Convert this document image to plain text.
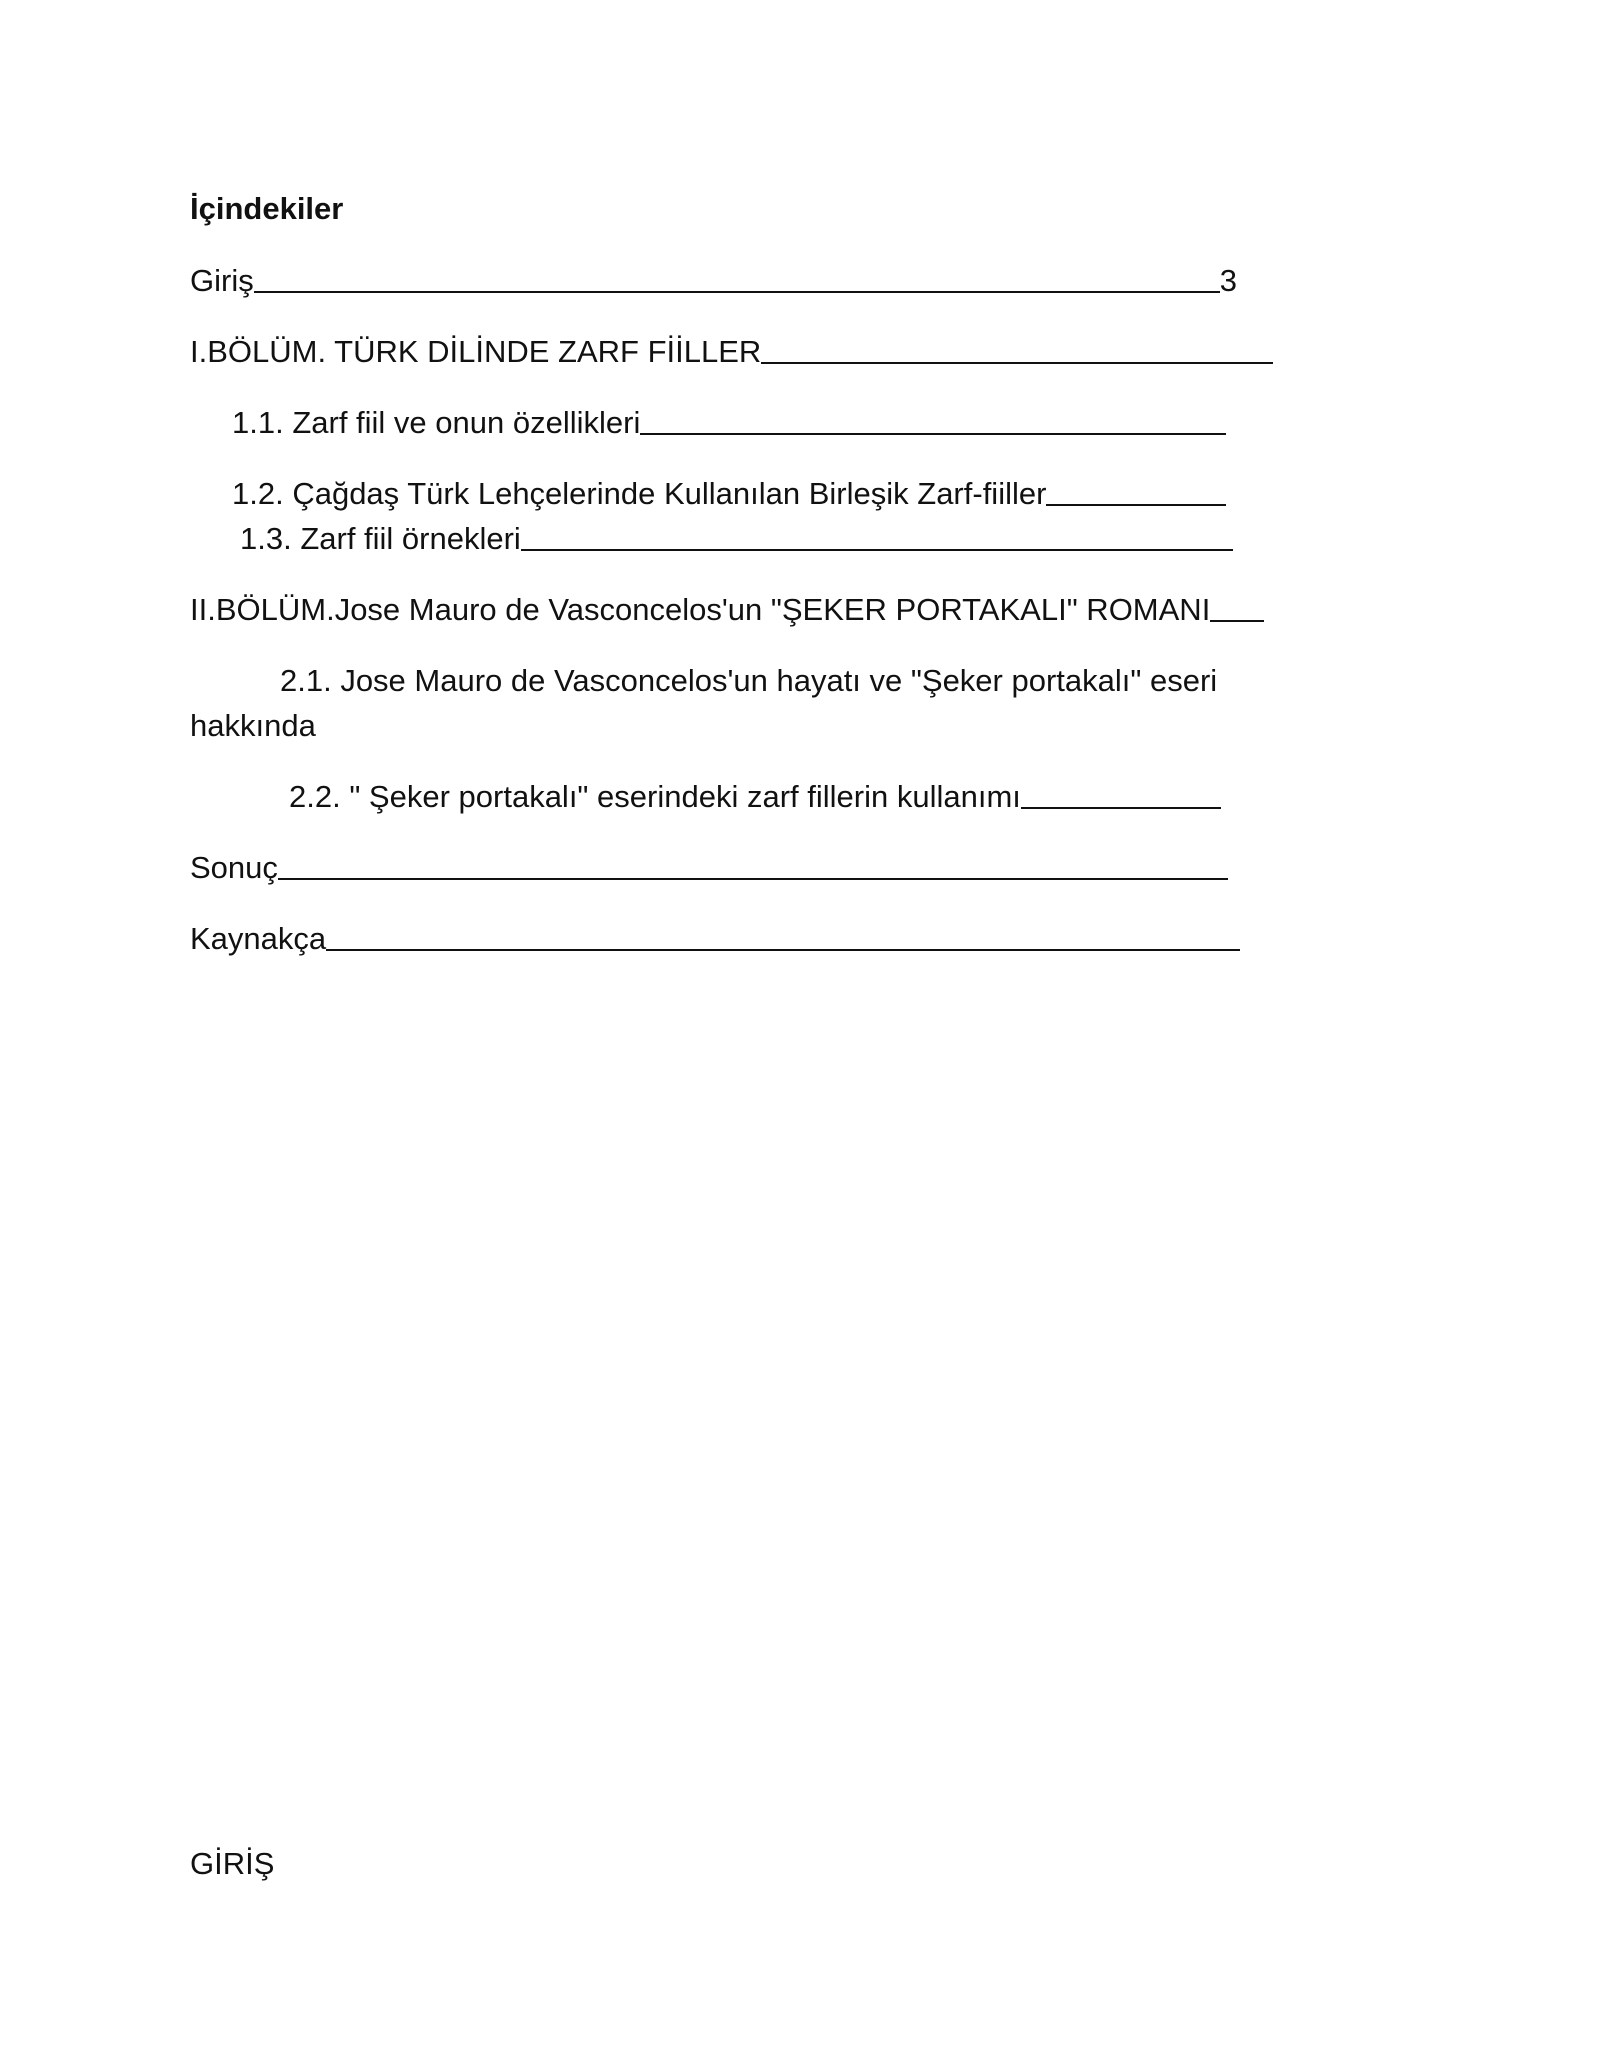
İçindekiler
Giriş	3
I.BÖLÜM. TÜRK DİLİNDE ZARF FİİLLER
1.1. Zarf fiil ve onun özellikleri
1.2. Çağdaş Türk Lehçelerinde Kullanılan Birleşik Zarf-fiiller
1.3. Zarf fiil örnekleri
II.BÖLÜM.Jose Mauro de Vasconcelos'un "ŞEKER PORTAKALI" ROMANI
2.1. Jose Mauro de Vasconcelos'un hayatı ve "Şeker portakalı" eseri
hakkında
2.2. " Şeker portakalı" eserindeki zarf fillerin kullanımı
Sonuç
Kaynakça
GİRİŞ
